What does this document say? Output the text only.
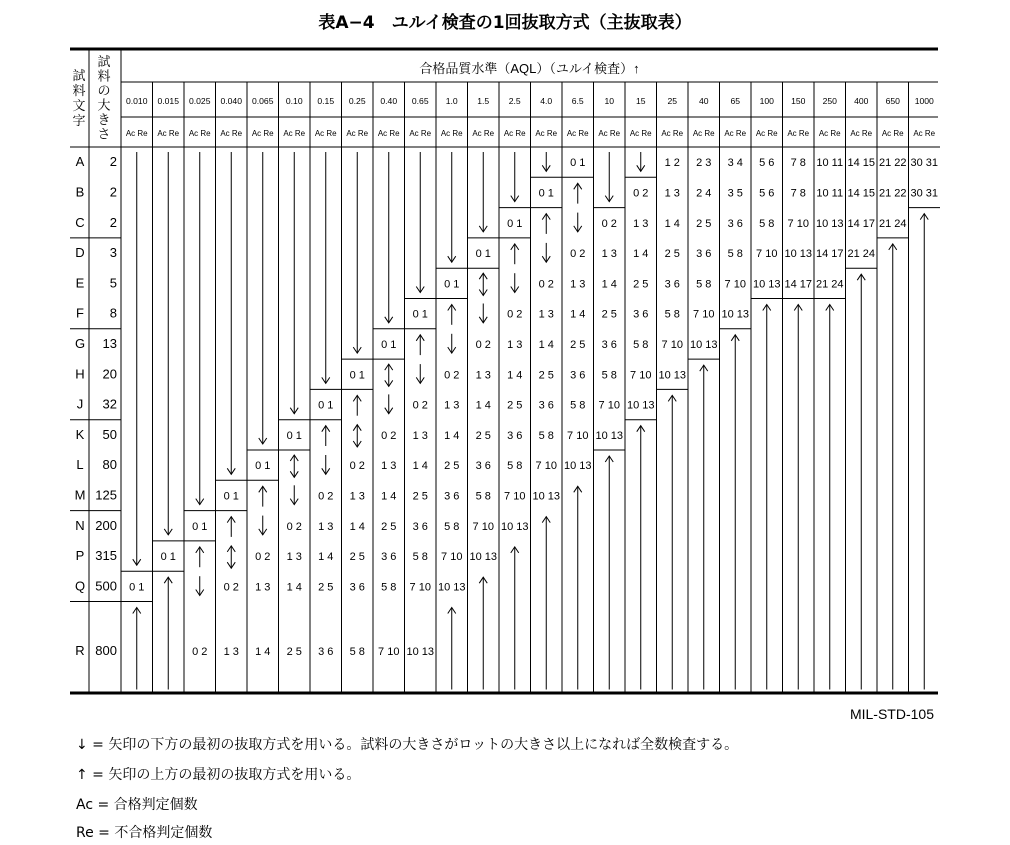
表A−4　ユルイ検査の1回抜取方式（主抜取表）
試
料
文
字
試
料
の
大
き
さ
合格品質水準（AQL）（ユルイ検査）↑
0.010
Ac Re
0.015
Ac Re
0.025
Ac Re
0.040
Ac Re
0.065
Ac Re
0.10
Ac Re
0.15
Ac Re
0.25
Ac Re
0.40
Ac Re
0.65
Ac Re
1.0
Ac Re
1.5
Ac Re
2.5
Ac Re
4.0
Ac Re
6.5
Ac Re
10
Ac Re
15
Ac Re
25
Ac Re
40
Ac Re
65
Ac Re
100
Ac Re
150
Ac Re
250
Ac Re
400
Ac Re
650
Ac Re
1000
Ac Re
A 2
B 2
C 2
D 3
E 5
F 8
G 13
H 20
J 32
K 50
L 80
M 125
N 200
P 315
Q 500
R 800
0 1
0 1
0 1
0 2
0 1
0 2
1 3
0 1
0 2
1 3
1 4
0 1
0 2
1 3
1 4
2 5
0 1
0 2
1 3
1 4
2 5
3 6
0 1
0 2
1 3
1 4
2 5
3 6
5 8
0 1
0 2
1 3
1 4
2 5
3 6
5 8
7 10
0 1
0 2
1 3
1 4
2 5
3 6
5 8
7 10
10 13
0 1
0 2
1 3
1 4
2 5
3 6
5 8
7 10
10 13
0 1
0 2
1 3
1 4
2 5
3 6
5 8
7 10
10 13
0 1
0 2
1 3
1 4
2 5
3 6
5 8
7 10
10 13
0 1
0 2
1 3
1 4
2 5
3 6
5 8
7 10
10 13
0 1
0 2
1 3
1 4
2 5
3 6
5 8
7 10
10 13
0 2
1 3
1 4
2 5
3 6
5 8
7 10
10 13
0 2
1 3
1 4
2 5
3 6
5 8
7 10
10 13
1 2
1 3
1 4
2 5
3 6
5 8
7 10
10 13
2 3
2 4
2 5
3 6
5 8
7 10
10 13
3 4
3 5
3 6
5 8
7 10
10 13
5 6
5 6
5 8
7 10
10 13
7 8
7 8
7 10
10 13
14 17
10 11
10 11
10 13
14 17
21 24
14 15
14 15
14 17
21 24
21 22
21 22
21 24
30 31
30 31
MIL-STD-105
↓ = 矢印の下方の最初の抜取方式を用いる。試料の大きさがロットの大きさ以上になれば全数検査する。
↑ = 矢印の上方の最初の抜取方式を用いる。
Ac = 合格判定個数
Re = 不合格判定個数
